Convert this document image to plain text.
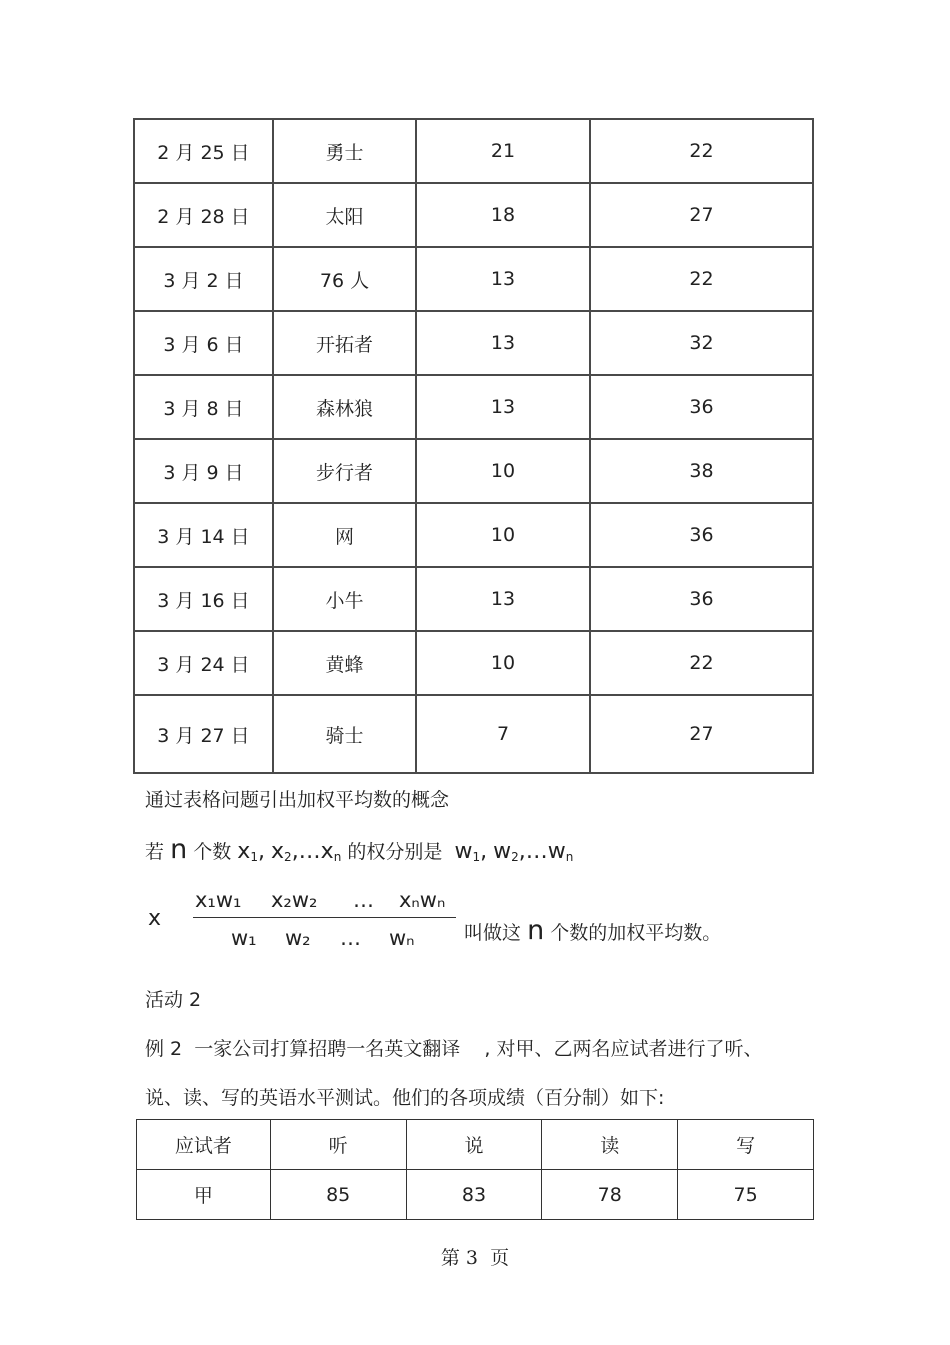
2 月 25 日	勇士	21	22
2 月 28 日	太阳	18	27
3 月 2 日	76 人	13	22
3 月 6 日	开拓者	13	32
3 月 8 日	森林狼	13	36
3 月 9 日	步行者	10	38
3 月 14 日	网	10	36
3 月 16 日	小牛	13	36
3 月 24 日	黄蜂	10	22
3 月 27 日	骑士	7	27
通过表格问题引出加权平均数的概念
若 n 个数 $x_1$, $x_2,\dots x_n$ 的权分别是 $w_1$, $w_2,\dots w_n$
x
x₁w₁ x₂w₂ … xₙwₙ
w₁ w₂ … wₙ	叫做这 n 个数的加权平均数。
活动 2
例 2  一家公司打算招聘一名英文翻译    , 对甲、乙两名应试者进行了听、
说、读、写的英语水平测试。他们的各项成绩（百分制）如下:
应试者	听	说	读	写
甲	85	83	78	75
第 3  页
